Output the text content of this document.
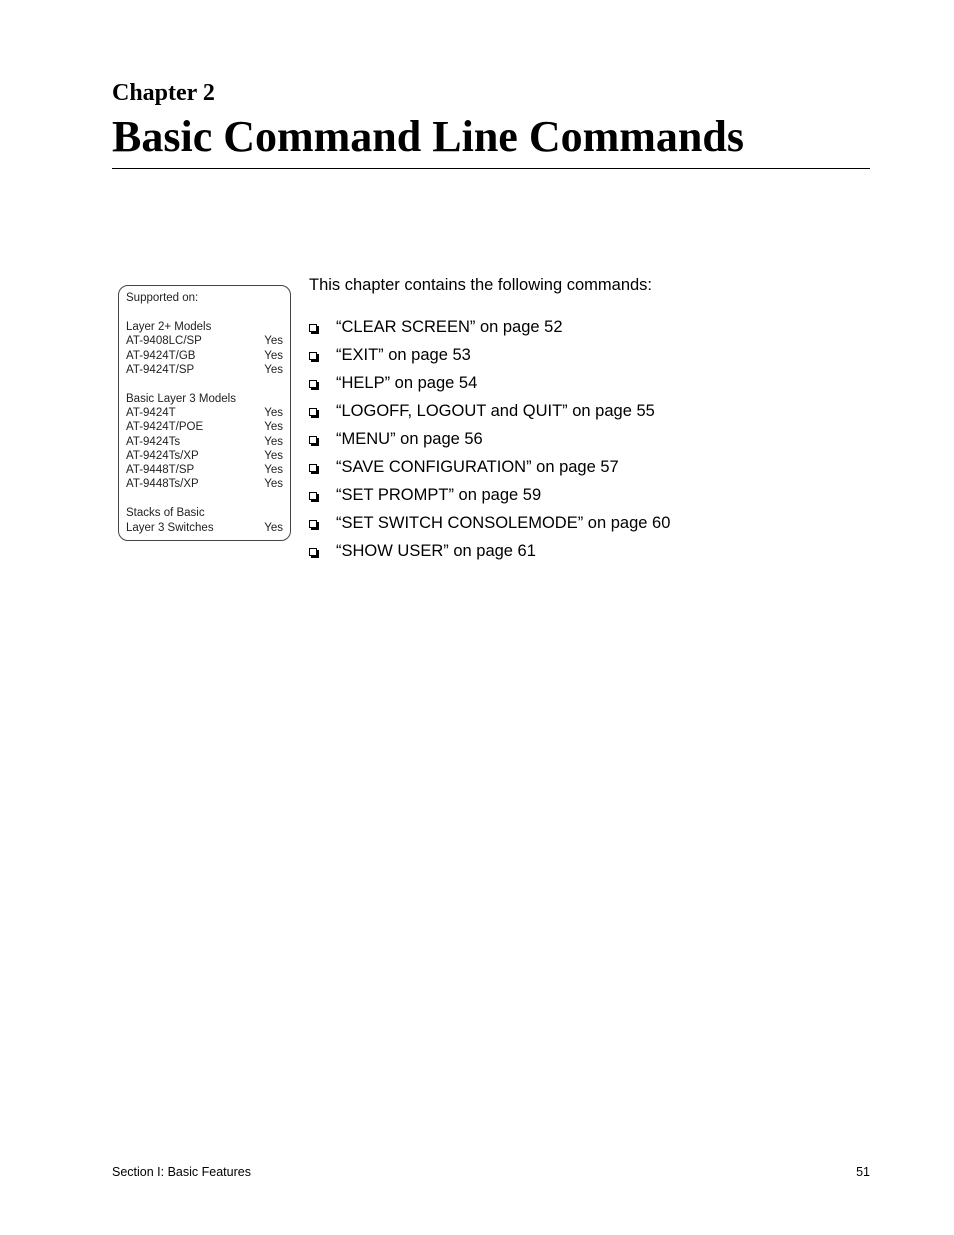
Chapter 2
Basic Command Line Commands
Supported on:
Layer 2+ Models
AT-9408LC/SP	Yes
AT-9424T/GB	Yes
AT-9424T/SP	Yes
Basic Layer 3 Models
AT-9424T	Yes
AT-9424T/POE	Yes
AT-9424Ts	Yes
AT-9424Ts/XP	Yes
AT-9448T/SP	Yes
AT-9448Ts/XP	Yes
Stacks of Basic
Layer 3 Switches	Yes

This chapter contains the following commands:

“CLEAR SCREEN” on page 52
“EXIT” on page 53
“HELP” on page 54
“LOGOFF, LOGOUT and QUIT” on page 55
“MENU” on page 56
“SAVE CONFIGURATION” on page 57
“SET PROMPT” on page 59
“SET SWITCH CONSOLEMODE” on page 60
“SHOW USER” on page 61
Section I: Basic Features	51
